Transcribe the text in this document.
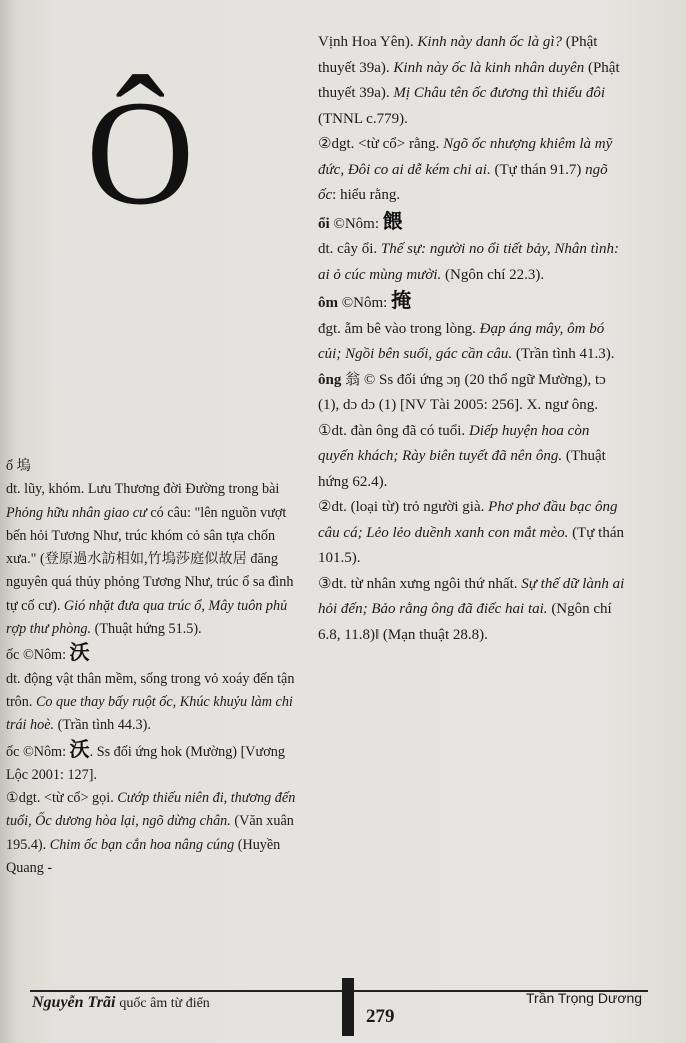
Ô

ổ 塢
dt. lũy, khóm. Lưu Thương đời Đường trong bài Phỏng hữu nhân giao cư có câu: "lên nguồn vượt bến hỏi Tương Như, trúc khóm cỏ sân tựa chốn xưa." (登原過水訪相如,竹塢莎庭似故居 đăng nguyên quá thủy phỏng Tương Như, trúc ổ sa đình tự cố cư). Gió nhặt đưa qua trúc ổ, Mây tuôn phủ rợp thư phòng. (Thuật hứng 51.5).

ốc ©Nôm: 沃
dt. động vật thân mềm, sống trong vỏ xoáy đến tận trôn. Co que thay bấy ruột ốc, Khúc khuỷu làm chi trái hoè. (Trần tình 44.3).

ốc ©Nôm: 沃. Ss đối ứng hok (Mường) [Vương Lộc 2001: 127].

①dgt. <từ cổ> gọi. Cướp thiếu niên đi, thương đến tuổi, Ốc dương hòa lại, ngõ dừng chân. (Văn xuân 195.4). Chim ốc bạn cắn hoa nâng cúng (Huyền Quang -

Vịnh Hoa Yên). Kinh này danh ốc là gì? (Phật thuyết 39a). Kinh này ốc là kinh nhân duyên (Phật thuyết 39a). Mị Châu tên ốc đương thì thiếu đôi (TNNL c.779).

②dgt. <từ cổ> rằng. Ngõ ốc nhượng khiêm là mỹ đức, Đôi co ai dễ kém chi ai. (Tự thán 91.7) ngõ ốc: hiểu rằng.

ổi ©Nôm: 餵

dt. cây ổi. Thế sự: người no ổi tiết bảy, Nhân tình: ai ỏ cúc mùng mười. (Ngôn chí 22.3).

ôm ©Nôm: 掩

đgt. ẵm bê vào trong lòng. Đạp áng mây, ôm bó củi; Ngồi bên suối, gác cần câu. (Trần tình 41.3).

ông 翁 © Ss đối ứng ɔŋ (20 thổ ngữ Mường), tɔ (1), dɔ dɔ (1) [NV Tài 2005: 256]. X. ngư ông.

①dt. đàn ông đã có tuổi. Diếp huyện hoa còn quyến khách; Rày biên tuyết đã nên ông. (Thuật hứng 62.4).

②dt. (loại từ) trỏ người già. Phơ phơ đầu bạc ông câu cá; Lẻo lẻo duềnh xanh con mắt mèo. (Tự thán 101.5).

③dt. từ nhân xưng ngôi thứ nhất. Sự thế dữ lành ai hỏi đến; Bảo rằng ông đã điếc hai tai. (Ngôn chí 6.8, 11.8)‖ (Mạn thuật 28.8).

Nguyễn Trãi quốc âm từ điển
279
Trần Trọng Dương
